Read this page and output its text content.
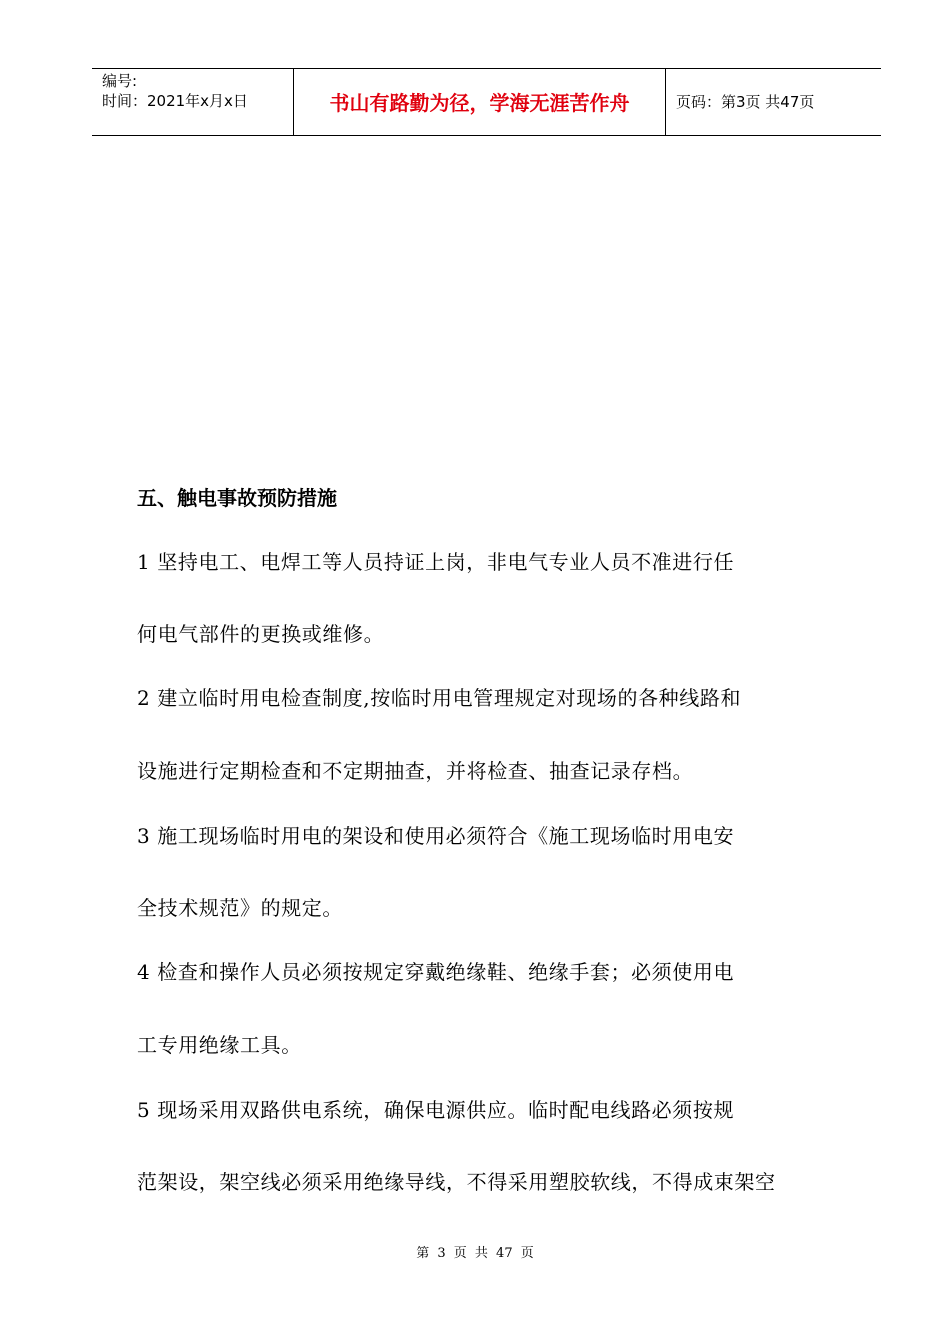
编号:
时间：2021年x月x日	书山有路勤为径，学海无涯苦作舟	页码：第3页 共47页
五、触电事故预防措施
1 坚持电工、电焊工等人员持证上岗，非电气专业人员不准进行任
何电气部件的更换或维修。
2 建立临时用电检查制度,按临时用电管理规定对现场的各种线路和
设施进行定期检查和不定期抽查，并将检查、抽查记录存档。
3 施工现场临时用电的架设和使用必须符合《施工现场临时用电安
全技术规范》的规定。
4 检查和操作人员必须按规定穿戴绝缘鞋、绝缘手套；必须使用电
工专用绝缘工具。
5 现场采用双路供电系统，确保电源供应。临时配电线路必须按规
范架设，架空线必须采用绝缘导线，不得采用塑胶软线，不得成束架空
第 3 页 共 47 页
